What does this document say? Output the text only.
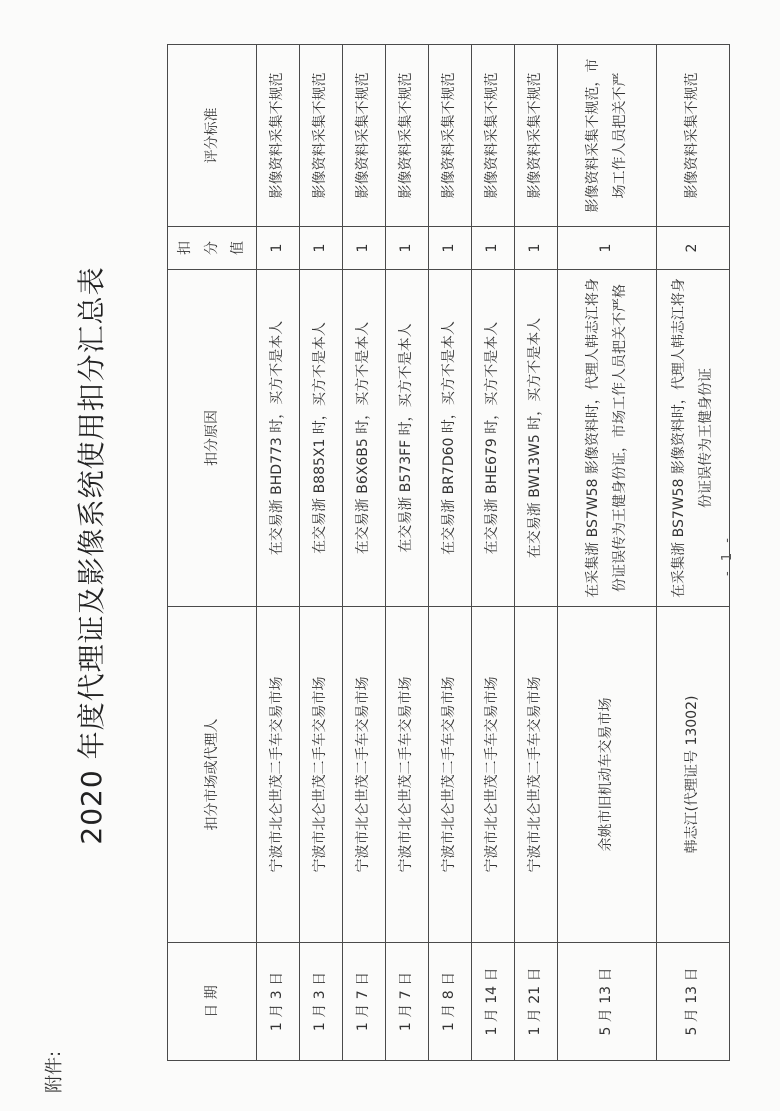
附件:
2020 年度代理证及影像系统使用扣分汇总表
日 期	扣分市场或代理人	扣分原因	扣分值	评分标准
1 月 3 日	宁波市北仑世茂二手车交易市场	在交易浙 BHD773 时，买方不是本人	1	影像资料采集不规范
1 月 3 日	宁波市北仑世茂二手车交易市场	在交易浙 B885X1 时，买方不是本人	1	影像资料采集不规范
1 月 7 日	宁波市北仑世茂二手车交易市场	在交易浙 B6X6B5 时，买方不是本人	1	影像资料采集不规范
1 月 7 日	宁波市北仑世茂二手车交易市场	在交易浙 B573FF 时，买方不是本人	1	影像资料采集不规范
1 月 8 日	宁波市北仑世茂二手车交易市场	在交易浙 BR7D60 时，买方不是本人	1	影像资料采集不规范
1 月 14 日	宁波市北仑世茂二手车交易市场	在交易浙 BHE679 时，买方不是本人	1	影像资料采集不规范
1 月 21 日	宁波市北仑世茂二手车交易市场	在交易浙 BW13W5 时，买方不是本人	1	影像资料采集不规范
5 月 13 日	余姚市旧机动车交易市场	在采集浙 BS7W58 影像资料时，代理人韩志江将身份证误传为王健身份证，市场工作人员把关不严格	1	影像资料采集不规范，市场工作人员把关不严
5 月 13 日	韩志江(代理证号 13002)	在采集浙 BS7W58 影像资料时，代理人韩志江将身份证误传为王健身份证	2	影像资料采集不规范
- 1 -
